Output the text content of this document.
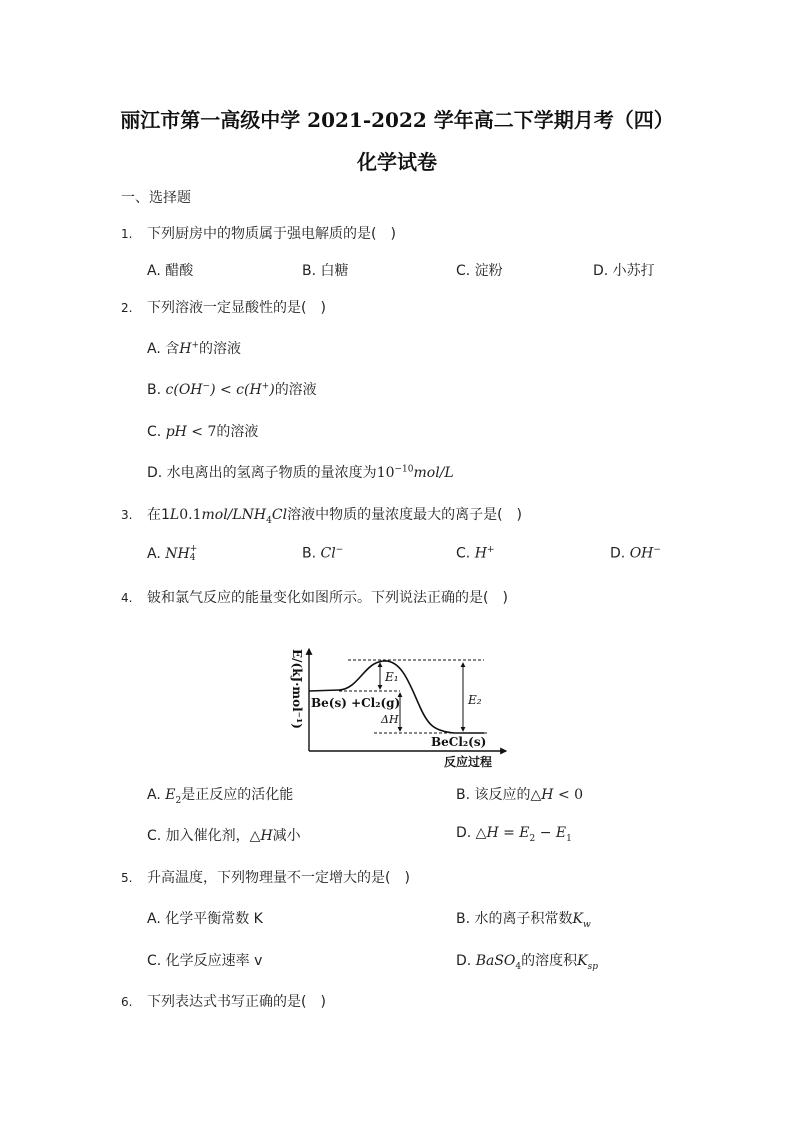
丽江市第一高级中学 2021-2022 学年高二下学期月考（四）
化学试卷
一、选择题
1. 下列厨房中的物质属于强电解质的是(　)
A. 醋酸	B. 白糖	C. 淀粉	D. 小苏打
2. 下列溶液一定显酸性的是(　)
A. 含H+的溶液
B. c(OH−) < c(H+)的溶液
C. pH < 7的溶液
D. 水电离出的氢离子物质的量浓度为$10^{-10}mol/L$
3. 在$1L0.1mol/LNH_4Cl$溶液中物质的量浓度最大的离子是(　)
A. NH +
4	B. Cl−	C. H+	D. OH−
4. 铍和氯气反应的能量变化如图所示。下列说法正确的是(　)
E/(kJ·mol⁻¹)
反应过程
E₁
E₂
ΔH
Be(s) +Cl₂(g)
BeCl₂(s)
A. $E_2$是正反应的活化能	B. 该反应的△H < 0
C. 加入催化剂，△H减小	D. △H = $E_2 - E_1$
5. 升高温度，下列物理量不一定增大的是(　)
A. 化学平衡常数 K	B. 水的离子积常数$K_w$
C. 化学反应速率 v	D. BaSO$_4$的溶度积$K_{sp}$
6. 下列表达式书写正确的是(　)
